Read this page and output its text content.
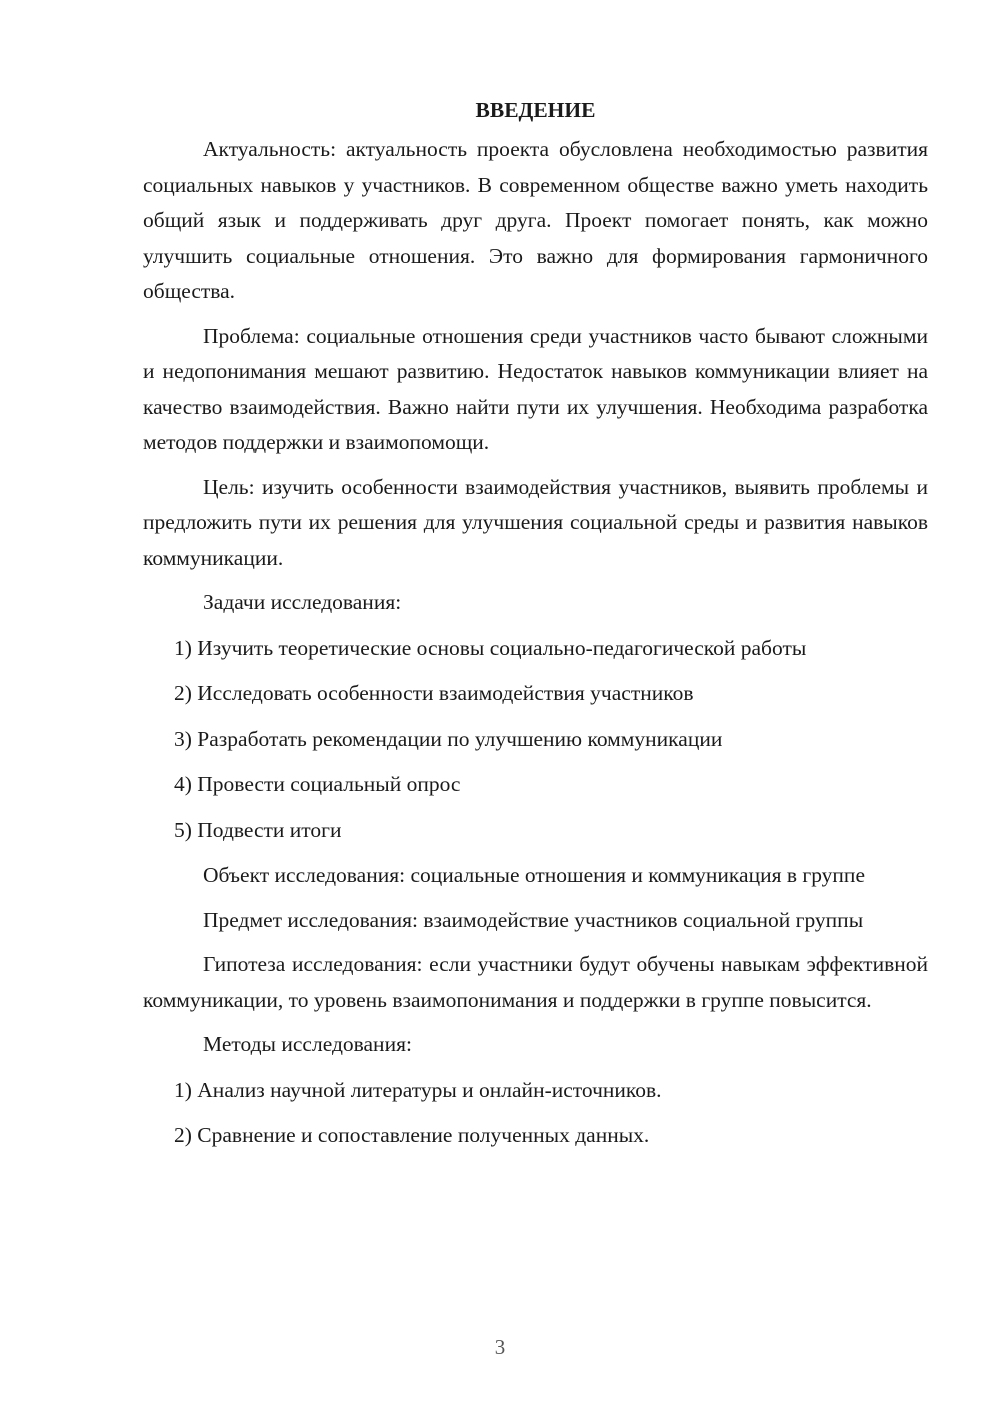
ВВЕДЕНИЕ

Актуальность: актуальность проекта обусловлена необходимостью развития социальных навыков у участников. В современном обществе важно уметь находить общий язык и поддерживать друг друга. Проект помогает понять, как можно улучшить социальные отношения. Это важно для формирования гармоничного общества.

Проблема: социальные отношения среди участников часто бывают сложными и недопонимания мешают развитию. Недостаток навыков коммуникации влияет на качество взаимодействия. Важно найти пути их улучшения. Необходима разработка методов поддержки и взаимопомощи.

Цель: изучить особенности взаимодействия участников, выявить проблемы и предложить пути их решения для улучшения социальной среды и развития навыков коммуникации.

Задачи исследования:
1) Изучить теоретические основы социально-педагогической работы
2) Исследовать особенности взаимодействия участников
3) Разработать рекомендации по улучшению коммуникации
4) Провести социальный опрос
5) Подвести итоги

Объект исследования: социальные отношения и коммуникация в группе

Предмет исследования: взаимодействие участников социальной группы

Гипотеза исследования: если участники будут обучены навыкам эффективной коммуникации, то уровень взаимопонимания и поддержки в группе повысится.

Методы исследования:
1) Анализ научной литературы и онлайн-источников.
2) Сравнение и сопоставление полученных данных.
3
